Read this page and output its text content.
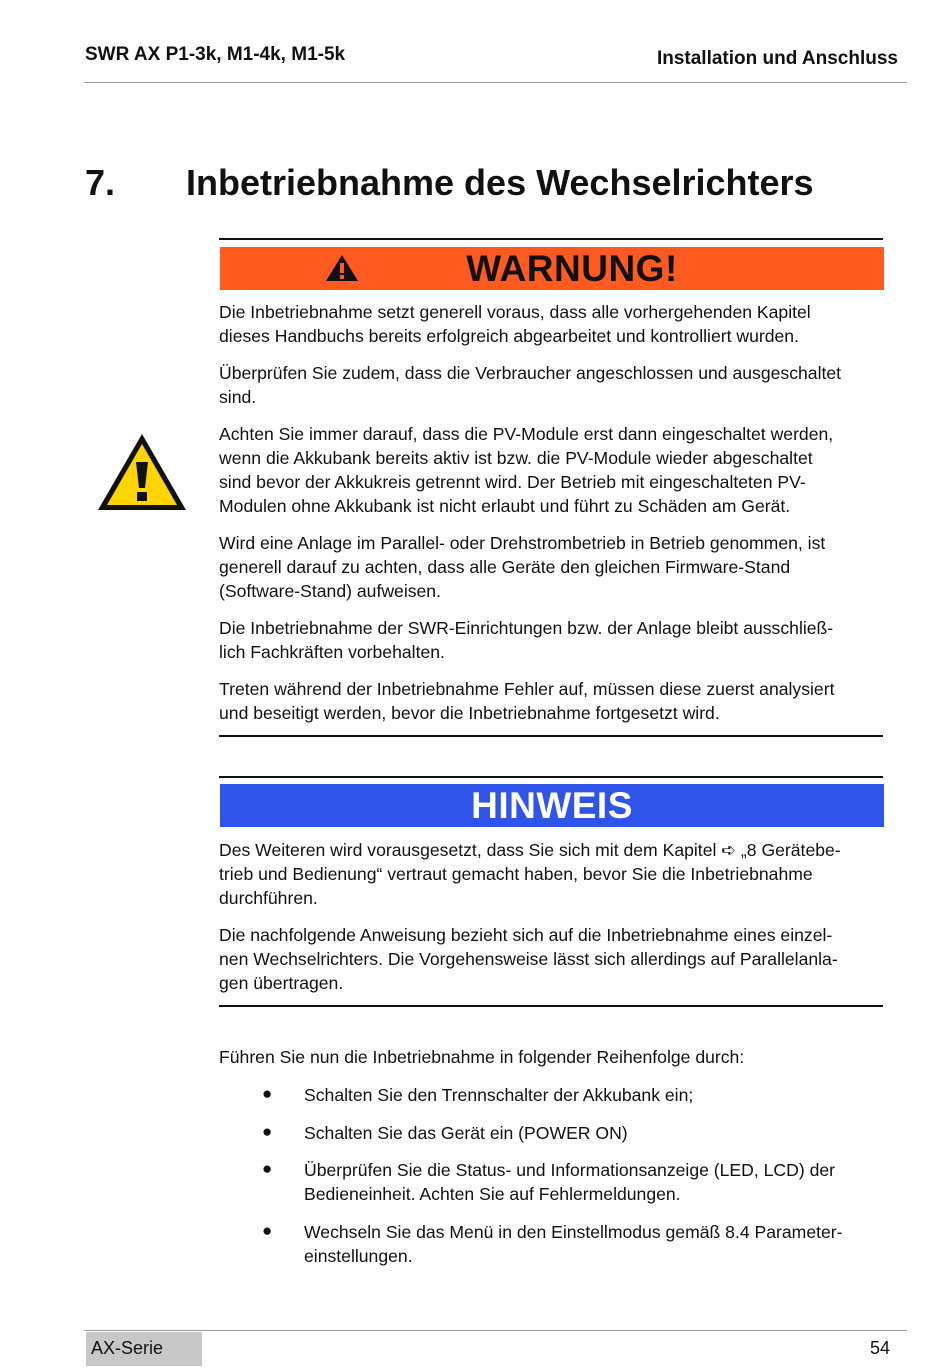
SWR AX P1-3k, M1-4k, M1-5k	Installation und Anschluss
7. Inbetriebnahme des Wechselrichters
WARNUNG!

Die Inbetriebnahme setzt generell voraus, dass alle vorhergehenden Kapitel
dieses Handbuchs bereits erfolgreich abgearbeitet und kontrolliert wurden.

Überprüfen Sie zudem, dass die Verbraucher angeschlossen und ausgeschaltet
sind.

Achten Sie immer darauf, dass die PV-Module erst dann eingeschaltet werden,
wenn die Akkubank bereits aktiv ist bzw. die PV-Module wieder abgeschaltet
sind bevor der Akkukreis getrennt wird. Der Betrieb mit eingeschalteten PV-
Modulen ohne Akkubank ist nicht erlaubt und führt zu Schäden am Gerät.

Wird eine Anlage im Parallel- oder Drehstrombetrieb in Betrieb genommen, ist
generell darauf zu achten, dass alle Geräte den gleichen Firmware-Stand
(Software-Stand) aufweisen.

Die Inbetriebnahme der SWR-Einrichtungen bzw. der Anlage bleibt ausschließ-
lich Fachkräften vorbehalten.

Treten während der Inbetriebnahme Fehler auf, müssen diese zuerst analysiert
und beseitigt werden, bevor die Inbetriebnahme fortgesetzt wird.

HINWEIS

Des Weiteren wird vorausgesetzt, dass Sie sich mit dem Kapitel ➪ „8 Gerätebe-
trieb und Bedienung“ vertraut gemacht haben, bevor Sie die Inbetriebnahme
durchführen.

Die nachfolgende Anweisung bezieht sich auf die Inbetriebnahme eines einzel-
nen Wechselrichters. Die Vorgehensweise lässt sich allerdings auf Parallelanla-
gen übertragen.

Führen Sie nun die Inbetriebnahme in folgender Reihenfolge durch:

● Schalten Sie den Trennschalter der Akkubank ein;

● Schalten Sie das Gerät ein (POWER ON)

● Überprüfen Sie die Status- und Informationsanzeige (LED, LCD) der
Bedieneinheit. Achten Sie auf Fehlermeldungen.

● Wechseln Sie das Menü in den Einstellmodus gemäß 8.4 Parameter-
einstellungen.

AX-Serie	54
